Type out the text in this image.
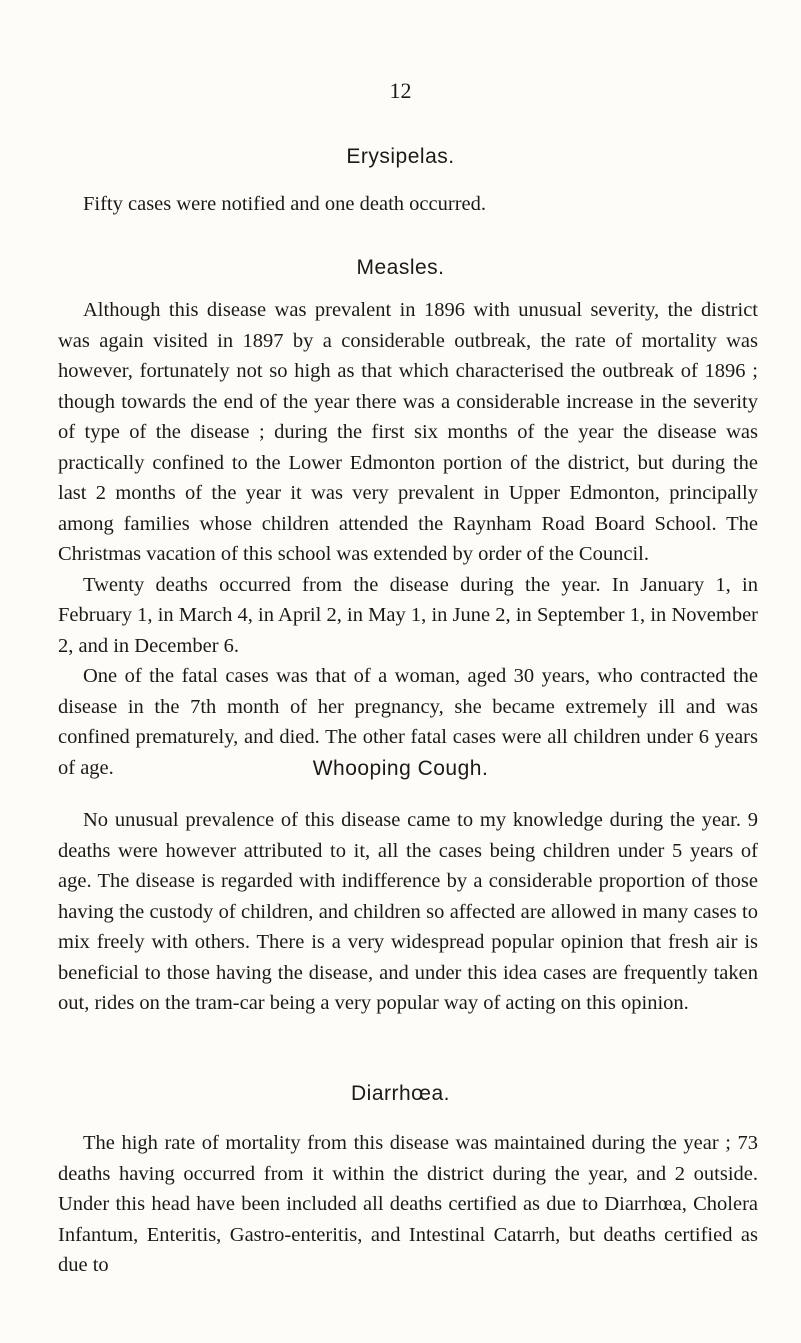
12
Erysipelas.
Fifty cases were notified and one death occurred.
Measles.

Although this disease was prevalent in 1896 with unusual severity, the district was again visited in 1897 by a considerable outbreak, the rate of mortality was however, fortunately not so high as that which characterised the outbreak of 1896 ; though towards the end of the year there was a considerable increase in the severity of type of the disease ; during the first six months of the year the disease was practically confined to the Lower Edmonton portion of the district, but during the last 2 months of the year it was very prevalent in Upper Edmonton, principally among families whose children attended the Raynham Road Board School. The Christmas vacation of this school was extended by order of the Council.

Twenty deaths occurred from the disease during the year. In January 1, in February 1, in March 4, in April 2, in May 1, in June 2, in September 1, in November 2, and in December 6.

One of the fatal cases was that of a woman, aged 30 years, who contracted the disease in the 7th month of her pregnancy, she became extremely ill and was confined prematurely, and died. The other fatal cases were all children under 6 years of age.	Whooping Cough.

No unusual prevalence of this disease came to my knowledge during the year. 9 deaths were however attributed to it, all the cases being children under 5 years of age. The disease is regarded with indifference by a considerable proportion of those having the custody of children, and children so affected are allowed in many cases to mix freely with others. There is a very widespread popular opinion that fresh air is beneficial to those having the disease, and under this idea cases are frequently taken out, rides on the tram-car being a very popular way of acting on this opinion.

Diarrhœa.

The high rate of mortality from this disease was maintained during the year ; 73 deaths having occurred from it within the district during the year, and 2 outside. Under this head have been included all deaths certified as due to Diarrhœa, Cholera Infantum, Enteritis, Gastro-enteritis, and Intestinal Catarrh, but deaths certified as due to
